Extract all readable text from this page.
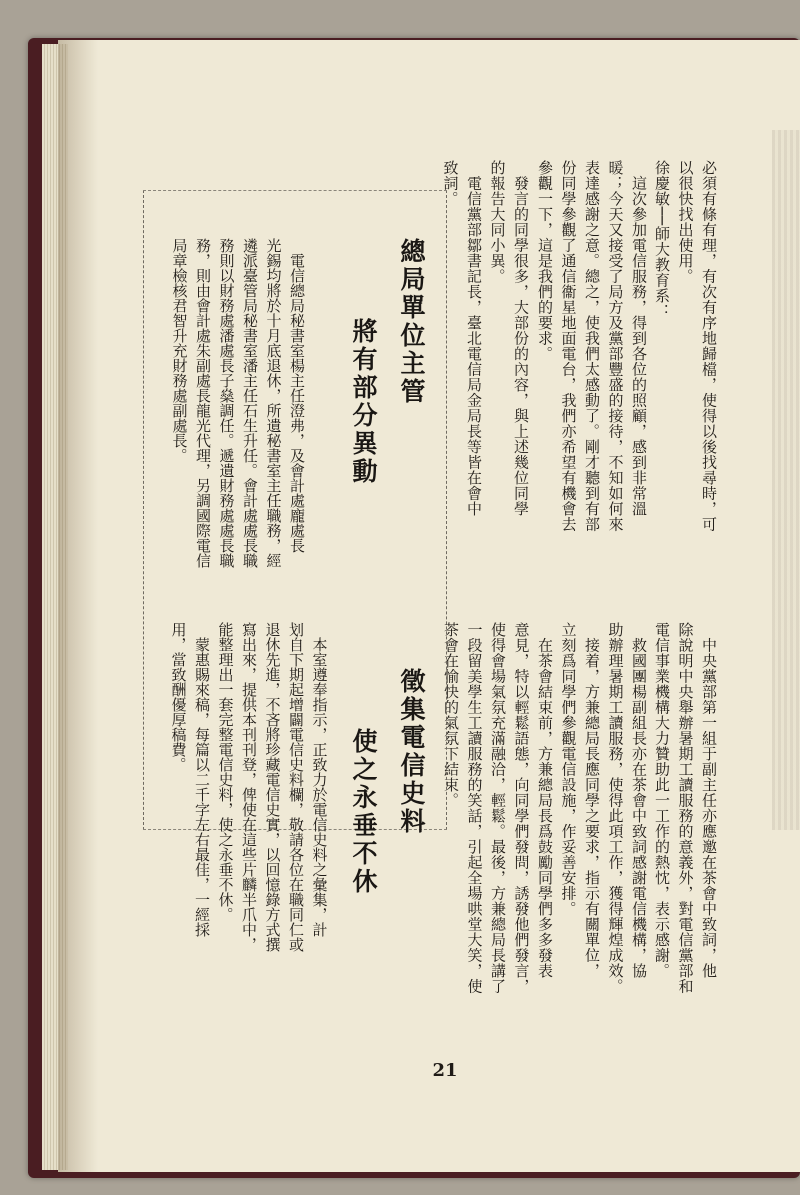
必須有條有理，有次有序地歸檔，使得以後找尋時，可
以很快找出使用。
徐慶敏──師大教育系：
　這次參加電信服務，得到各位的照顧，感到非常溫
暖；今天又接受了局方及黨部豐盛的接待，不知如何來
表達感謝之意。總之，使我們太感動了。剛才聽到有部
份同學參觀了通信衞星地面電台，我們亦希望有機會去
參觀一下，這是我們的要求。
　發言的同學很多，大部份的內容，與上述幾位同學
的報告大同小異。
　電信黨部鄒書記長，臺北電信局金局長等皆在會中
致詞。
　中央黨部第一組于副主任亦應邀在茶會中致詞，他
除說明中央舉辦暑期工讀服務的意義外，對電信黨部和
電信事業機構大力贊助此一工作的熱忱，表示感謝。
　救國團楊副組長亦在茶會中致詞感謝電信機構，協
助辦理暑期工讀服務，使得此項工作，獲得輝煌成效。
　接着，方兼總局長應同學之要求，指示有關單位，
立刻爲同學們參觀電信設施，作妥善安排。
　在茶會結束前，方兼總局長爲鼓勵同學們多多發表
意見，特以輕鬆語態，向同學們發問，誘發他們發言，
使得會場氣氛充滿融洽，輕鬆。最後，方兼總局長講了
一段留美學生工讀服務的笑話，引起全場哄堂大笑，使
茶會在愉快的氣氛下結束。
總局單位主管
將有部分異動
　電信總局秘書室楊主任澄弗，及會計處龐處長
光錫均將於十月底退休，所遺秘書室主任職務，經
遴派臺管局秘書室潘主任石生升任。會計處處長職
務則以財務處潘處長子燊調任。遞遺財務處處長職
務，則由會計處朱副處長龍光代理，另調國際電信
局章檢核君智升充財務處副處長。
徵集電信史料
使之永垂不休
　本室遵奉指示，正致力於電信史料之彙集，計
划自下期起增闢電信史料欄，敬請各位在職同仁或
退休先進，不吝將珍藏電信史實，以回憶錄方式撰
寫出來，提供本刊刊登，俾使在這些片麟半爪中，
能整理出一套完整電信史料，使之永垂不休。
　蒙惠賜來稿，每篇以二千字左右最佳，一經採
用，當致酬優厚稿費。
21
